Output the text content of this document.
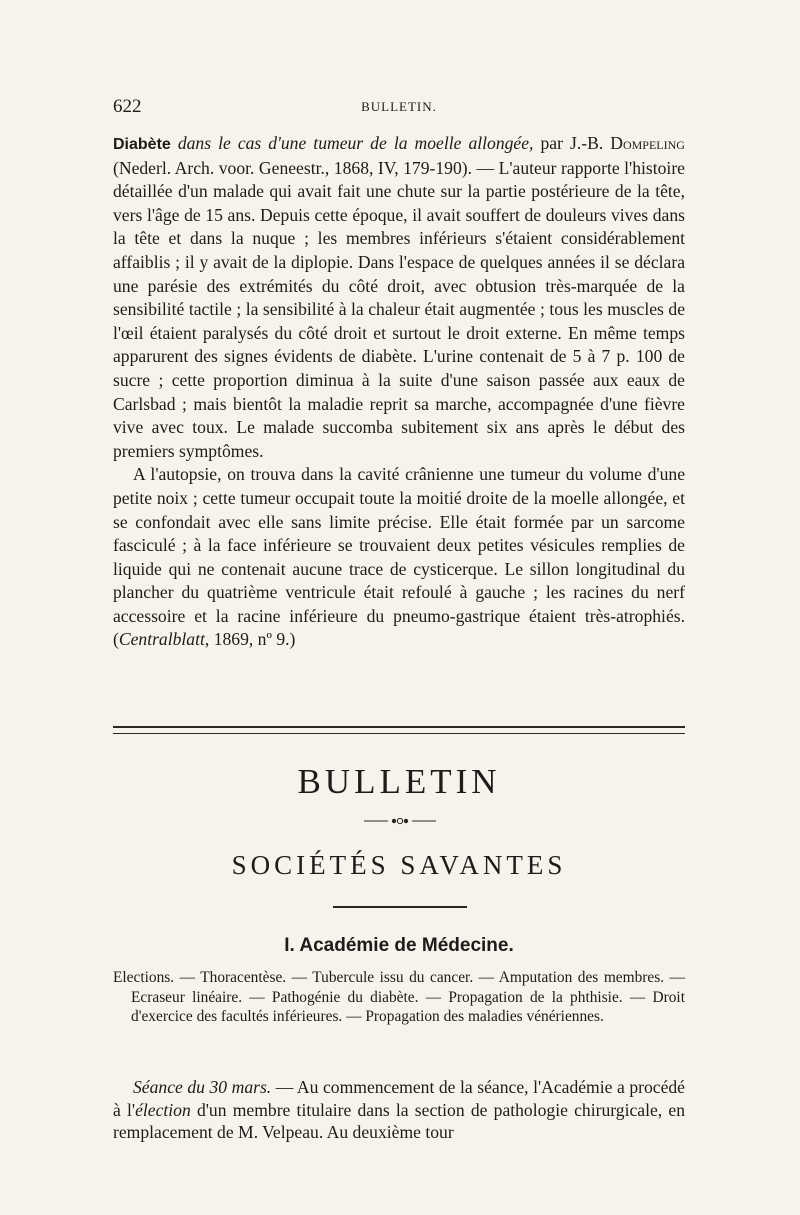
622	BULLETIN.

Diabète dans le cas d'une tumeur de la moelle allongée, par J.-B. Dompeling (Nederl. Arch. voor. Geneestr., 1868, IV, 179-190). — L'auteur rapporte l'histoire détaillée d'un malade qui avait fait une chute sur la partie postérieure de la tête, vers l'âge de 15 ans. Depuis cette époque, il avait souffert de douleurs vives dans la tête et dans la nuque ; les membres inférieurs s'étaient considérablement affaiblis ; il y avait de la diplopie. Dans l'espace de quelques années il se déclara une parésie des extrémités du côté droit, avec obtusion très-marquée de la sensibilité tactile ; la sensibilité à la chaleur était augmentée ; tous les muscles de l'œil étaient paralysés du côté droit et surtout le droit externe. En même temps apparurent des signes évidents de diabète. L'urine contenait de 5 à 7 p. 100 de sucre ; cette proportion diminua à la suite d'une saison passée aux eaux de Carlsbad ; mais bientôt la maladie reprit sa marche, accompagnée d'une fièvre vive avec toux. Le malade succomba subitement six ans après le début des premiers symptômes.

A l'autopsie, on trouva dans la cavité crânienne une tumeur du volume d'une petite noix ; cette tumeur occupait toute la moitié droite de la moelle allongée, et se confondait avec elle sans limite précise. Elle était formée par un sarcome fasciculé ; à la face inférieure se trouvaient deux petites vésicules remplies de liquide qui ne contenait aucune trace de cysticerque. Le sillon longitudinal du plancher du quatrième ventricule était refoulé à gauche ; les racines du nerf accessoire et la racine inférieure du pneumo-gastrique étaient très-atrophiés. (Centralblatt, 1869, nº 9.)

BULLETIN
SOCIÉTÉS SAVANTES
I. Académie de Médecine.
Elections. — Thoracentèse. — Tubercule issu du cancer. — Amputation des membres. — Ecraseur linéaire. — Pathogénie du diabète. — Propagation de la phthisie. — Droit d'exercice des facultés inférieures. — Propagation des maladies vénériennes.
Séance du 30 mars. — Au commencement de la séance, l'Académie a procédé à l'élection d'un membre titulaire dans la section de pathologie chirurgicale, en remplacement de M. Velpeau. Au deuxième tour
